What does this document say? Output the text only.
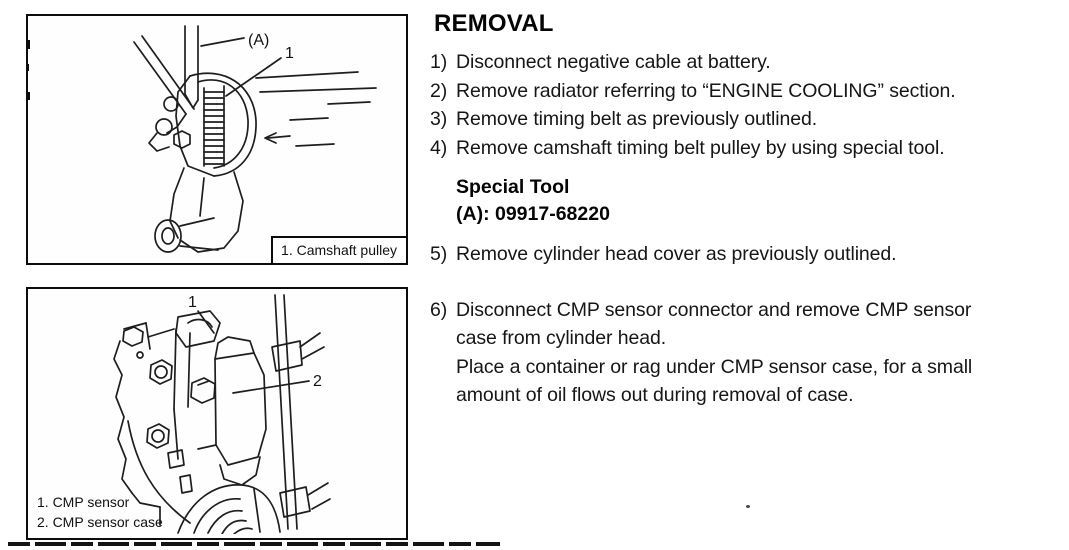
(A)
1
1. Camshaft pulley
1
2
1. CMP sensor
2. CMP sensor case
REMOVAL
1) Disconnect negative cable at battery.
2) Remove radiator referring to “ENGINE COOLING” section.
3) Remove timing belt as previously outlined.
4) Remove camshaft timing belt pulley by using special tool.
Special Tool
(A): 09917-68220
5) Remove cylinder head cover as previously outlined.
6) Disconnect CMP sensor connector and remove CMP sensor case from cylinder head.

Place a container or rag under CMP sensor case, for a small amount of oil flows out during removal of case.
